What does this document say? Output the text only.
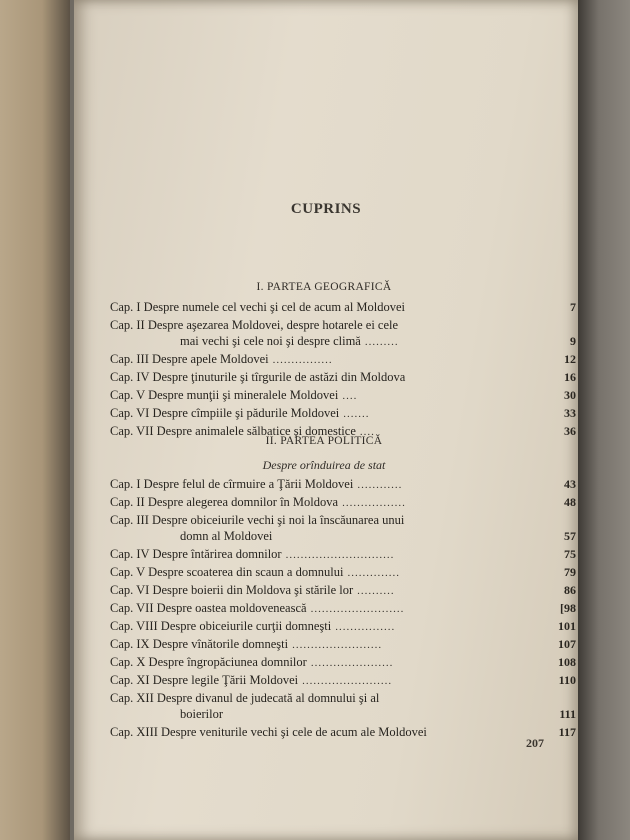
CUPRINS
I. PARTEA GEOGRAFICĂ
Cap. I Despre numele cel vechi şi cel de acum al Moldovei	7
Cap. II Despre aşezarea Moldovei, despre hotarele ei cele
mai vechi şi cele noi şi despre climă .........	9
Cap. III Despre apele Moldovei ................	12
Cap. IV Despre ţinuturile şi tîrgurile de astăzi din Moldova	16
Cap. V Despre munţii şi mineralele Moldovei ....	30
Cap. VI Despre cîmpiile şi pădurile Moldovei .......	33
Cap. VII Despre animalele sălbatice şi domestice ....	36
II. PARTEA POLITICĂ
Despre orînduirea de stat
Cap. I Despre felul de cîrmuire a Ţării Moldovei ............	43
Cap. II Despre alegerea domnilor în Moldova .................	48
Cap. III Despre obiceiurile vechi şi noi la înscăunarea unui
domn al Moldovei	57
Cap. IV Despre întărirea domnilor .............................	75
Cap. V Despre scoaterea din scaun a domnului ..............	79
Cap. VI Despre boierii din Moldova şi stările lor ..........	86
Cap. VII Despre oastea moldovenească .........................	[98
Cap. VIII Despre obiceiurile curţii domneşti ................	101
Cap. IX Despre vînătorile domneşti ........................	107
Cap. X Despre îngropăciunea domnilor ......................	108
Cap. XI Despre legile Ţării Moldovei ........................	110
Cap. XII Despre divanul de judecată al domnului şi al
boierilor	111
Cap. XIII Despre veniturile vechi şi cele de acum ale Moldovei	117
207
